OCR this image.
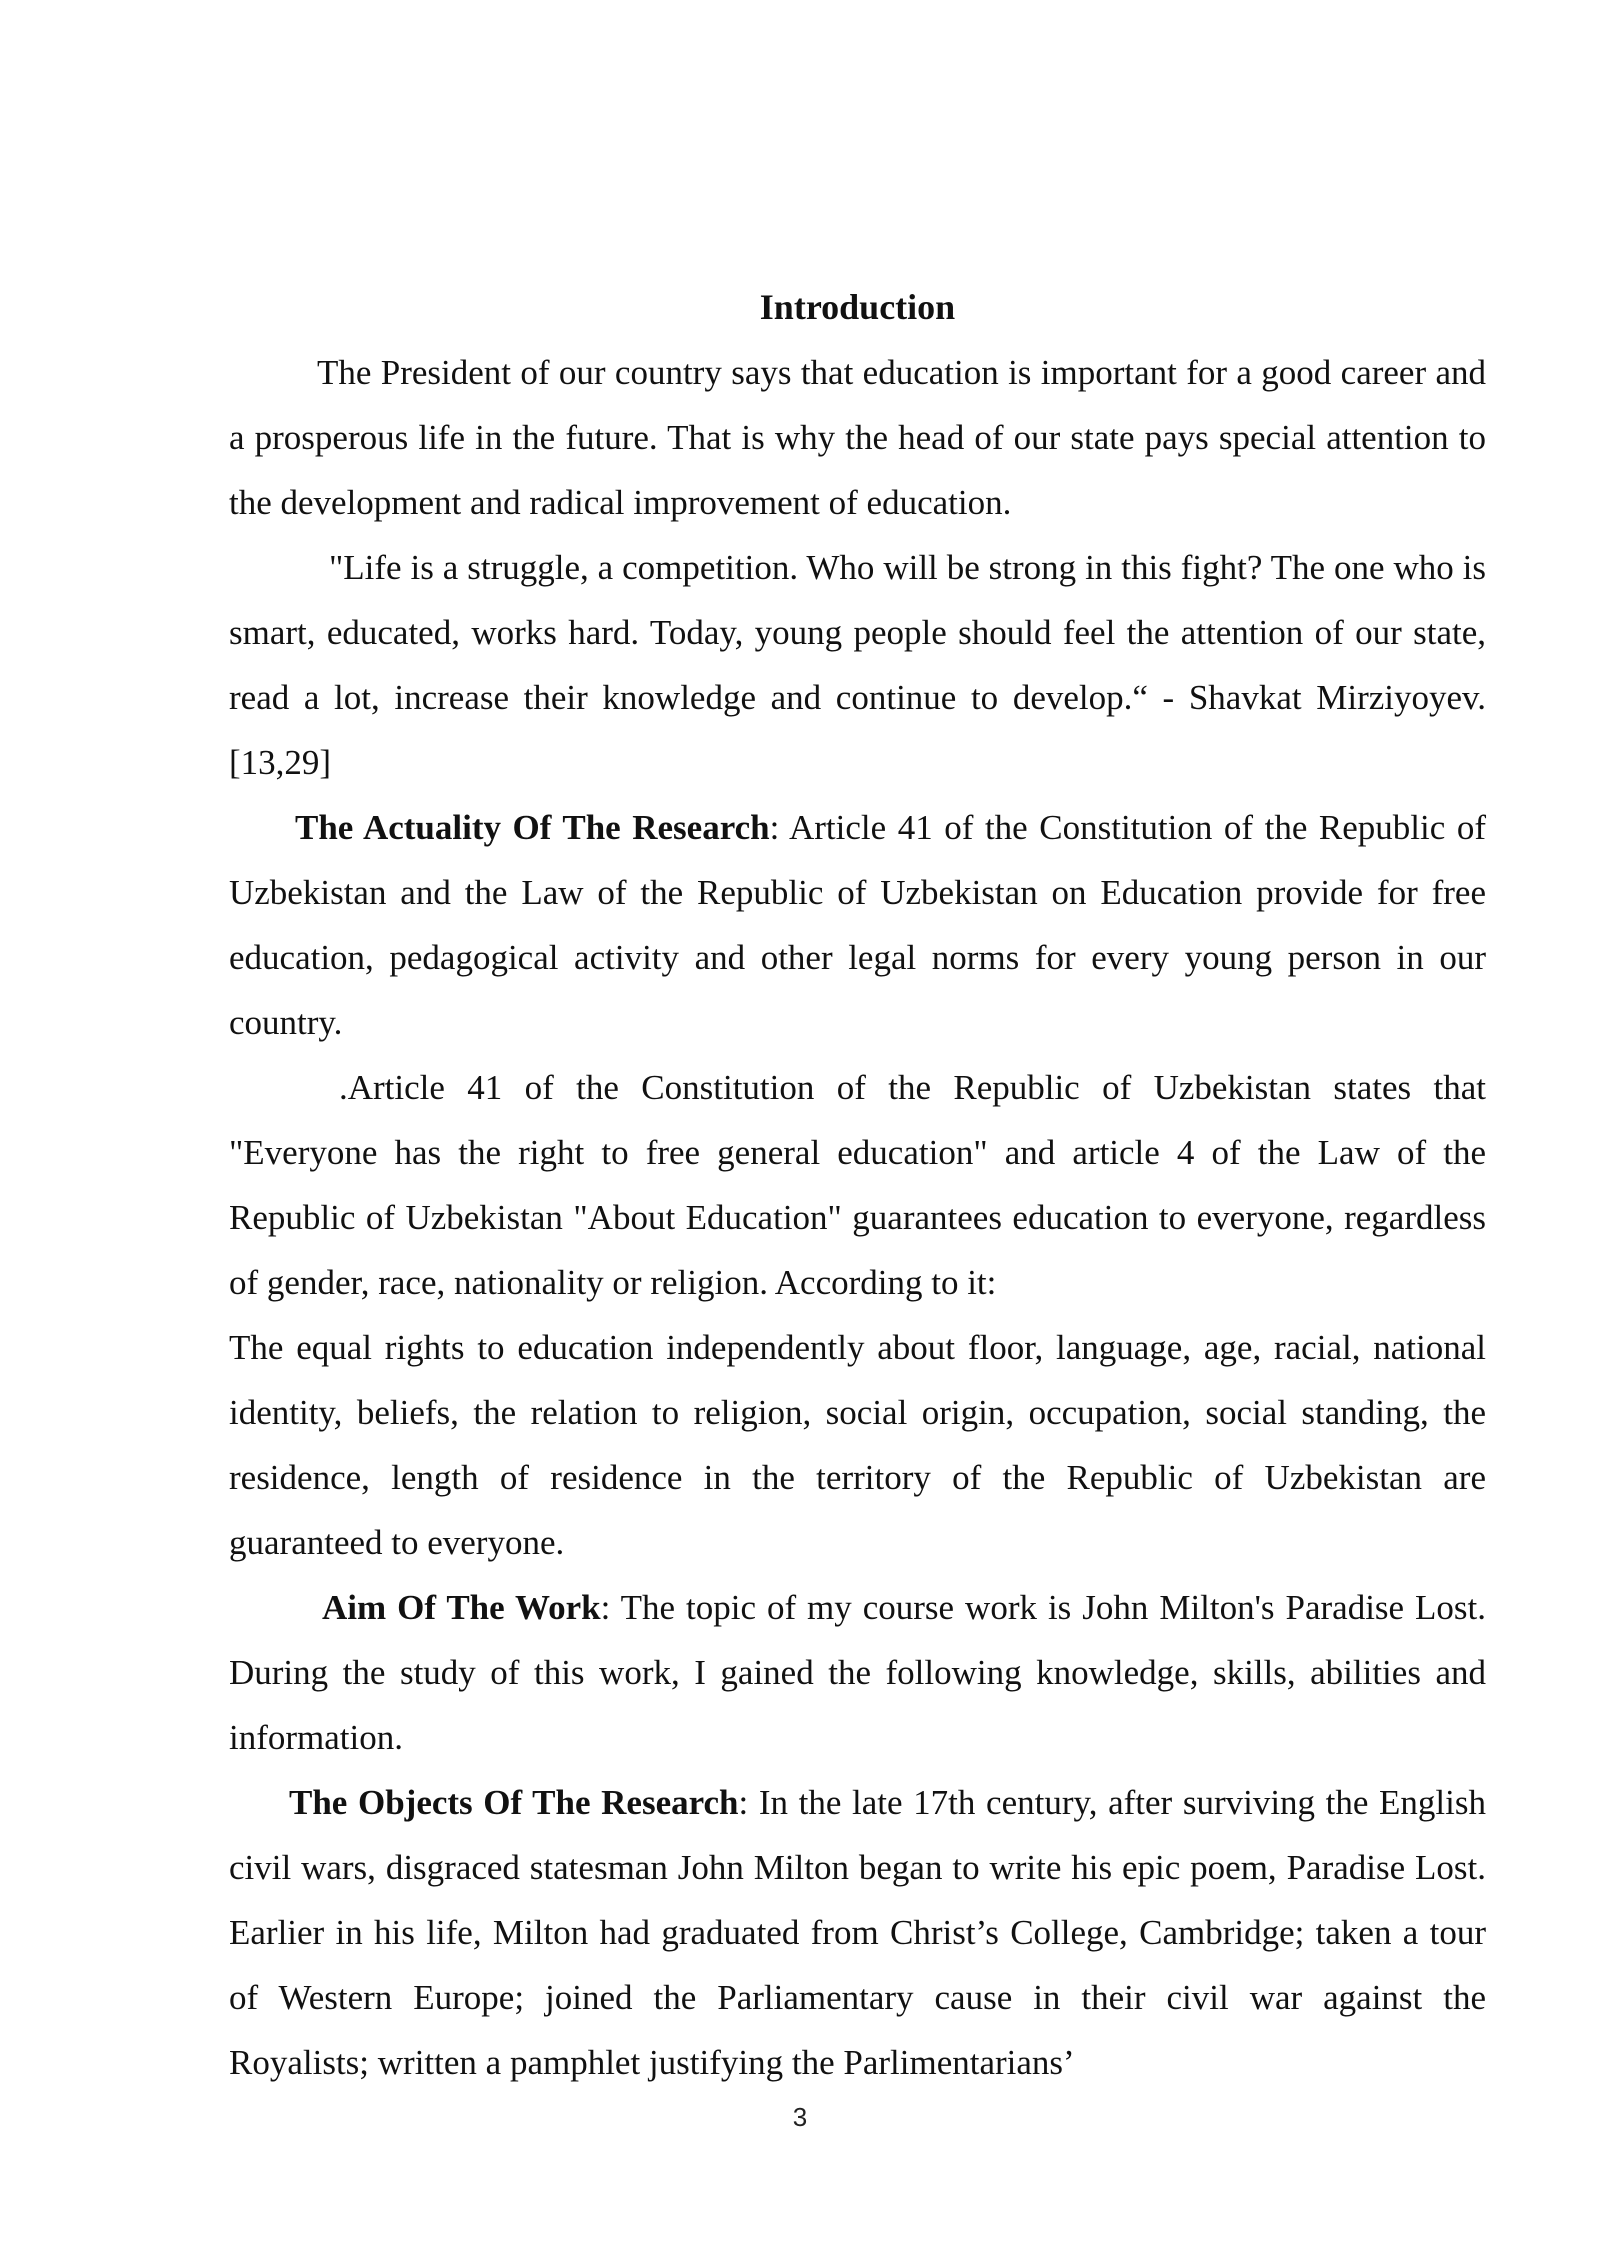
Introduction

The President of our country says that education is important for a good career and a prosperous life in the future. That is why the head of our state pays special attention to the development and radical improvement of education.

"Life is a struggle, a competition. Who will be strong in this fight? The one who is smart, educated, works hard. Today, young people should feel the attention of our state, read a lot, increase their knowledge and continue to develop.“ - Shavkat Mirziyoyev.[13,29]

The Actuality Of The Research: Article 41 of the Constitution of the Republic of Uzbekistan and the Law of the Republic of Uzbekistan on Education provide for free education, pedagogical activity and other legal norms for every young person in our country.

.Article 41 of the Constitution of the Republic of Uzbekistan states that "Everyone has the right to free general education" and article 4 of the Law of the Republic of Uzbekistan "About Education" guarantees education to everyone, regardless of gender, race, nationality or religion. According to it:

The equal rights to education independently about floor, language, age, racial, national identity, beliefs, the relation to religion, social origin, occupation, social standing, the residence, length of residence in the territory of the Republic of Uzbekistan are guaranteed to everyone.

Aim Of The Work: The topic of my course work is John Milton's Paradise Lost. During the study of this work, I gained the following knowledge, skills, abilities and information.

The Objects Of The Research: In the late 17th century, after surviving the English civil wars, disgraced statesman John Milton began to write his epic poem, Paradise Lost. Earlier in his life, Milton had graduated from Christ’s College, Cambridge; taken a tour of Western Europe; joined the Parliamentary cause in their civil war against the Royalists; written a pamphlet justifying the Parlimentarians’

3
